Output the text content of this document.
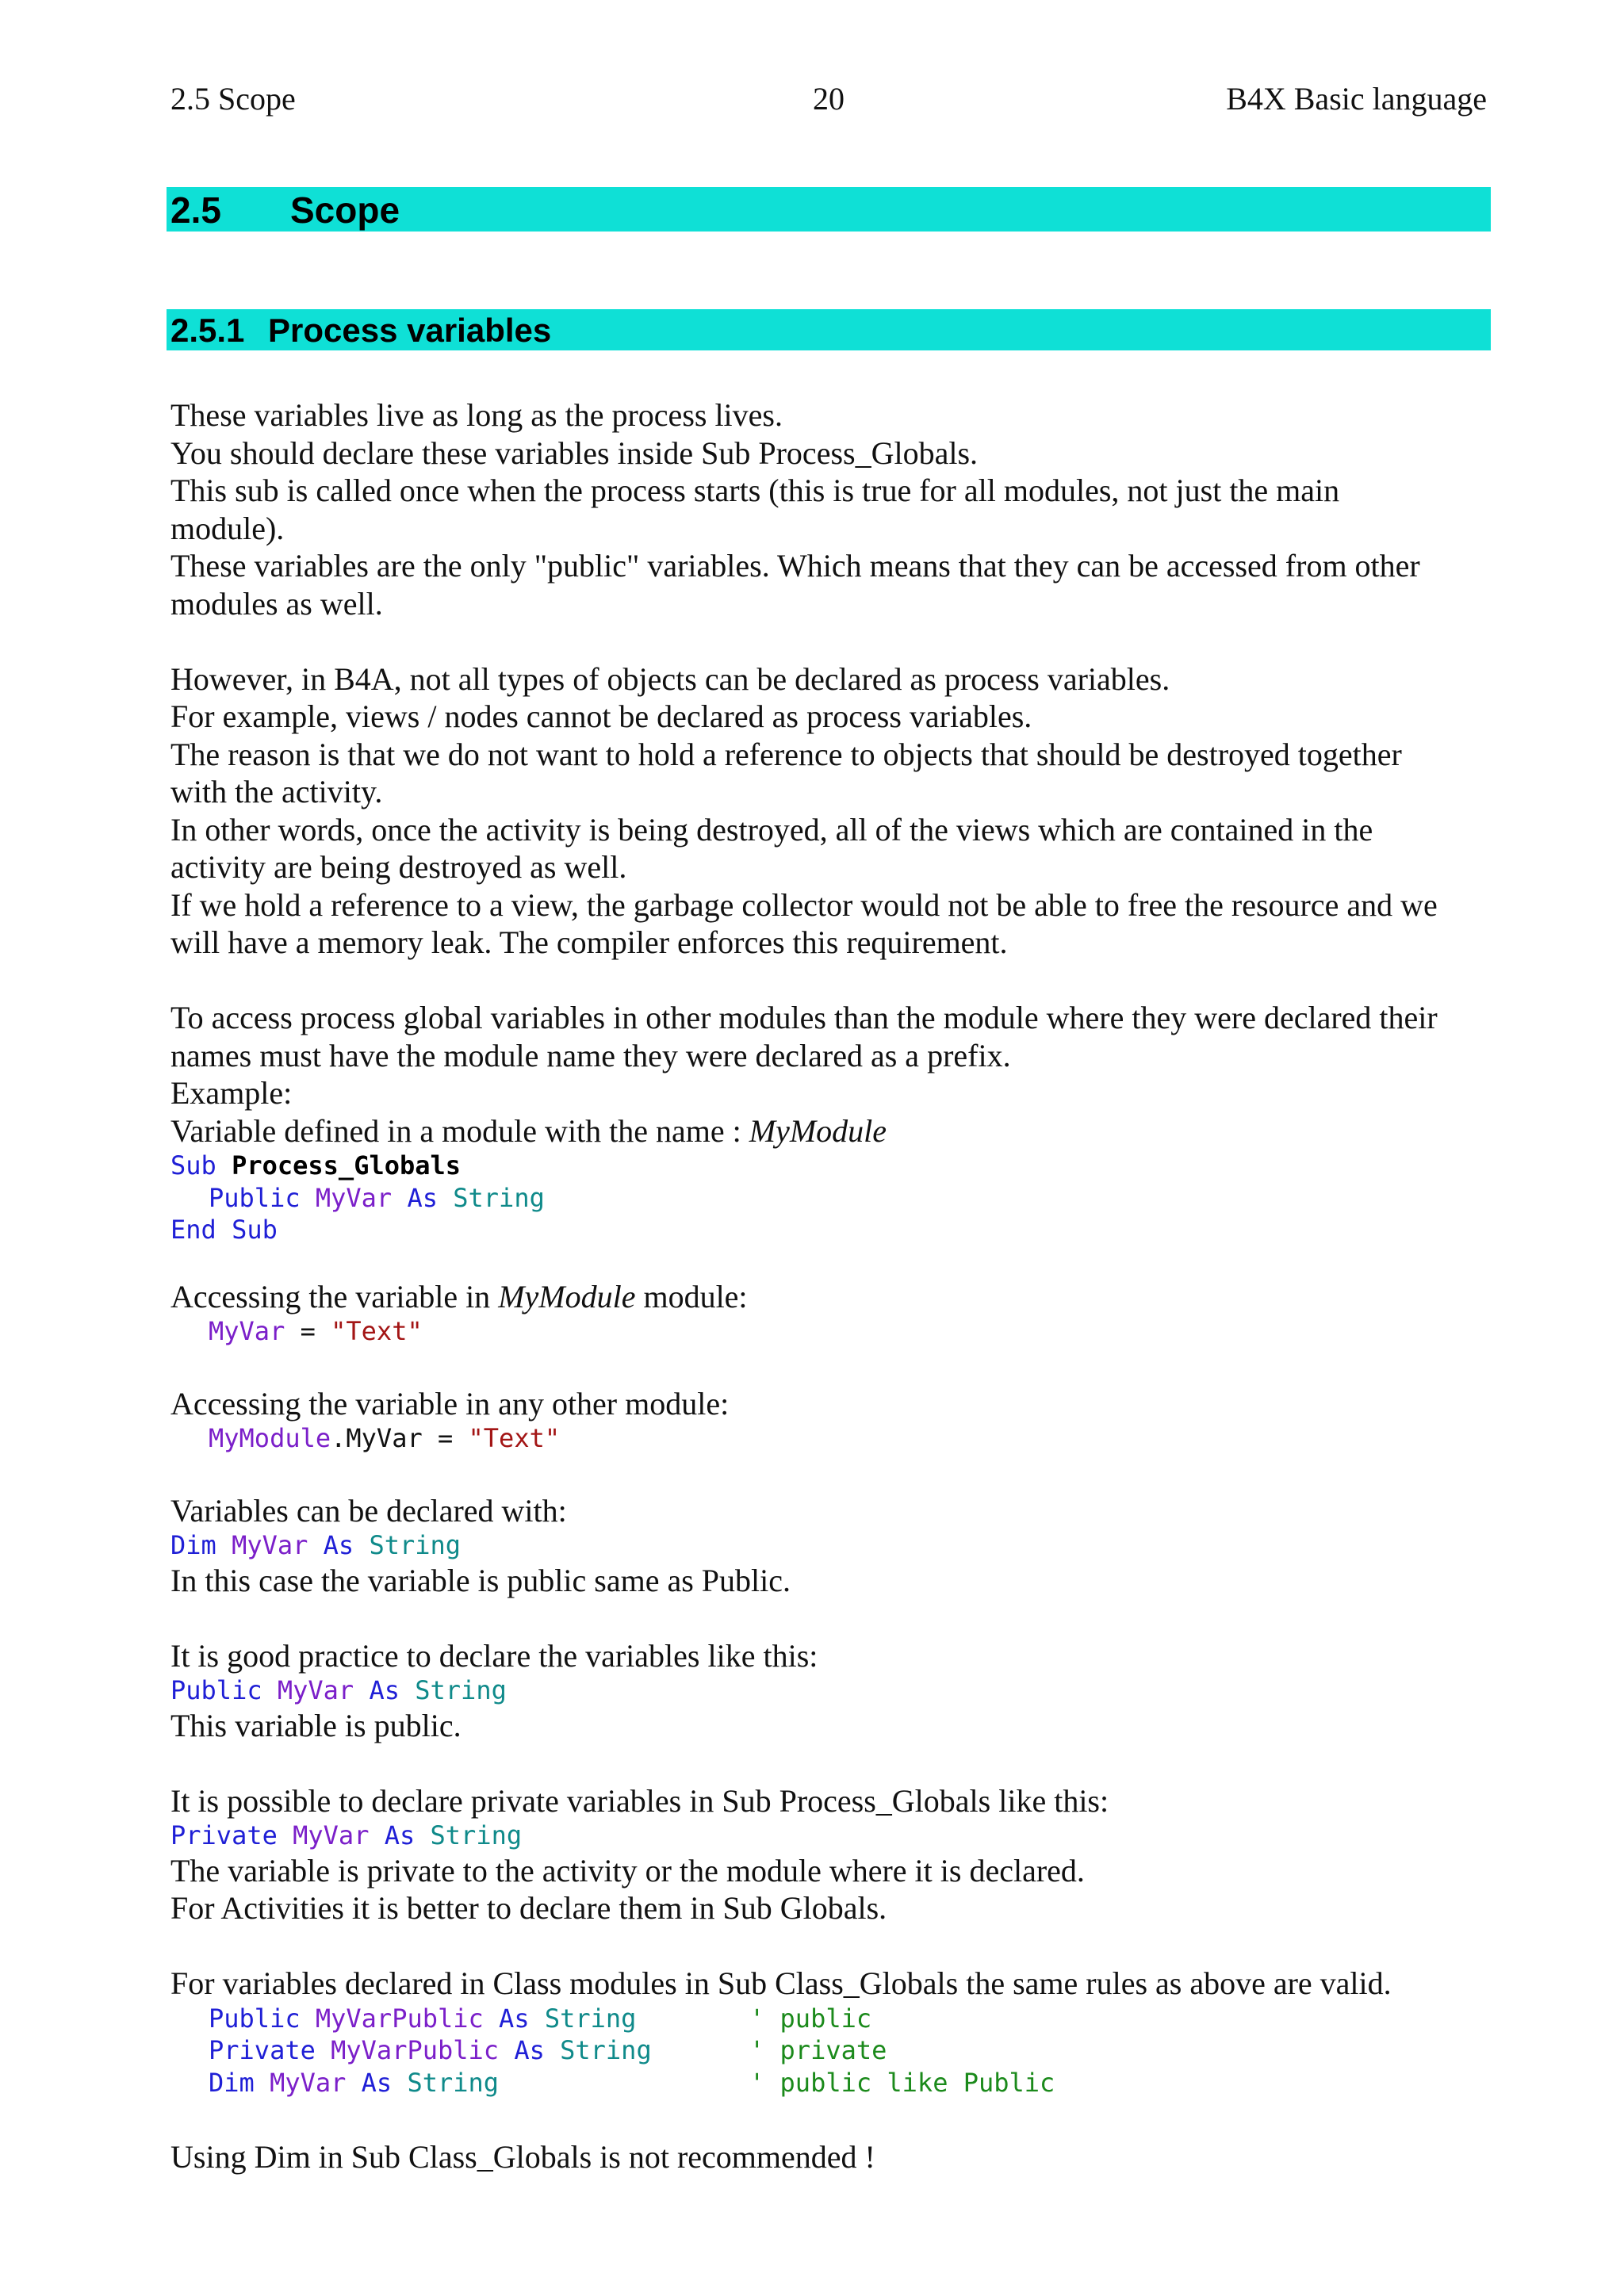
2.5 Scope	20	B4X Basic language
2.5 Scope
2.5.1 Process variables
These variables live as long as the process lives.
You should declare these variables inside Sub Process_Globals.
This sub is called once when the process starts (this is true for all modules, not just the main
module).
These variables are the only "public" variables. Which means that they can be accessed from other
modules as well.
However, in B4A, not all types of objects can be declared as process variables.
For example, views / nodes cannot be declared as process variables.
The reason is that we do not want to hold a reference to objects that should be destroyed together
with the activity.
In other words, once the activity is being destroyed, all of the views which are contained in the
activity are being destroyed as well.
If we hold a reference to a view, the garbage collector would not be able to free the resource and we
will have a memory leak. The compiler enforces this requirement.
To access process global variables in other modules than the module where they were declared their
names must have the module name they were declared as a prefix.
Example:
Variable defined in a module with the name : MyModule
Sub Process_Globals
Public MyVar As String
End Sub
Accessing the variable in MyModule module:
MyVar = "Text"
Accessing the variable in any other module:
MyModule.MyVar = "Text"
Variables can be declared with:
Dim MyVar As String
In this case the variable is public same as Public.
It is good practice to declare the variables like this:
Public MyVar As String
This variable is public.
It is possible to declare private variables in Sub Process_Globals like this:
Private MyVar As String
The variable is private to the activity or the module where it is declared.
For Activities it is better to declare them in Sub Globals.
For variables declared in Class modules in Sub Class_Globals the same rules as above are valid.
Public MyVarPublic As String	' public
Private MyVarPublic As String	' private
Dim MyVar As String	' public like Public
Using Dim in Sub Class_Globals is not recommended !
